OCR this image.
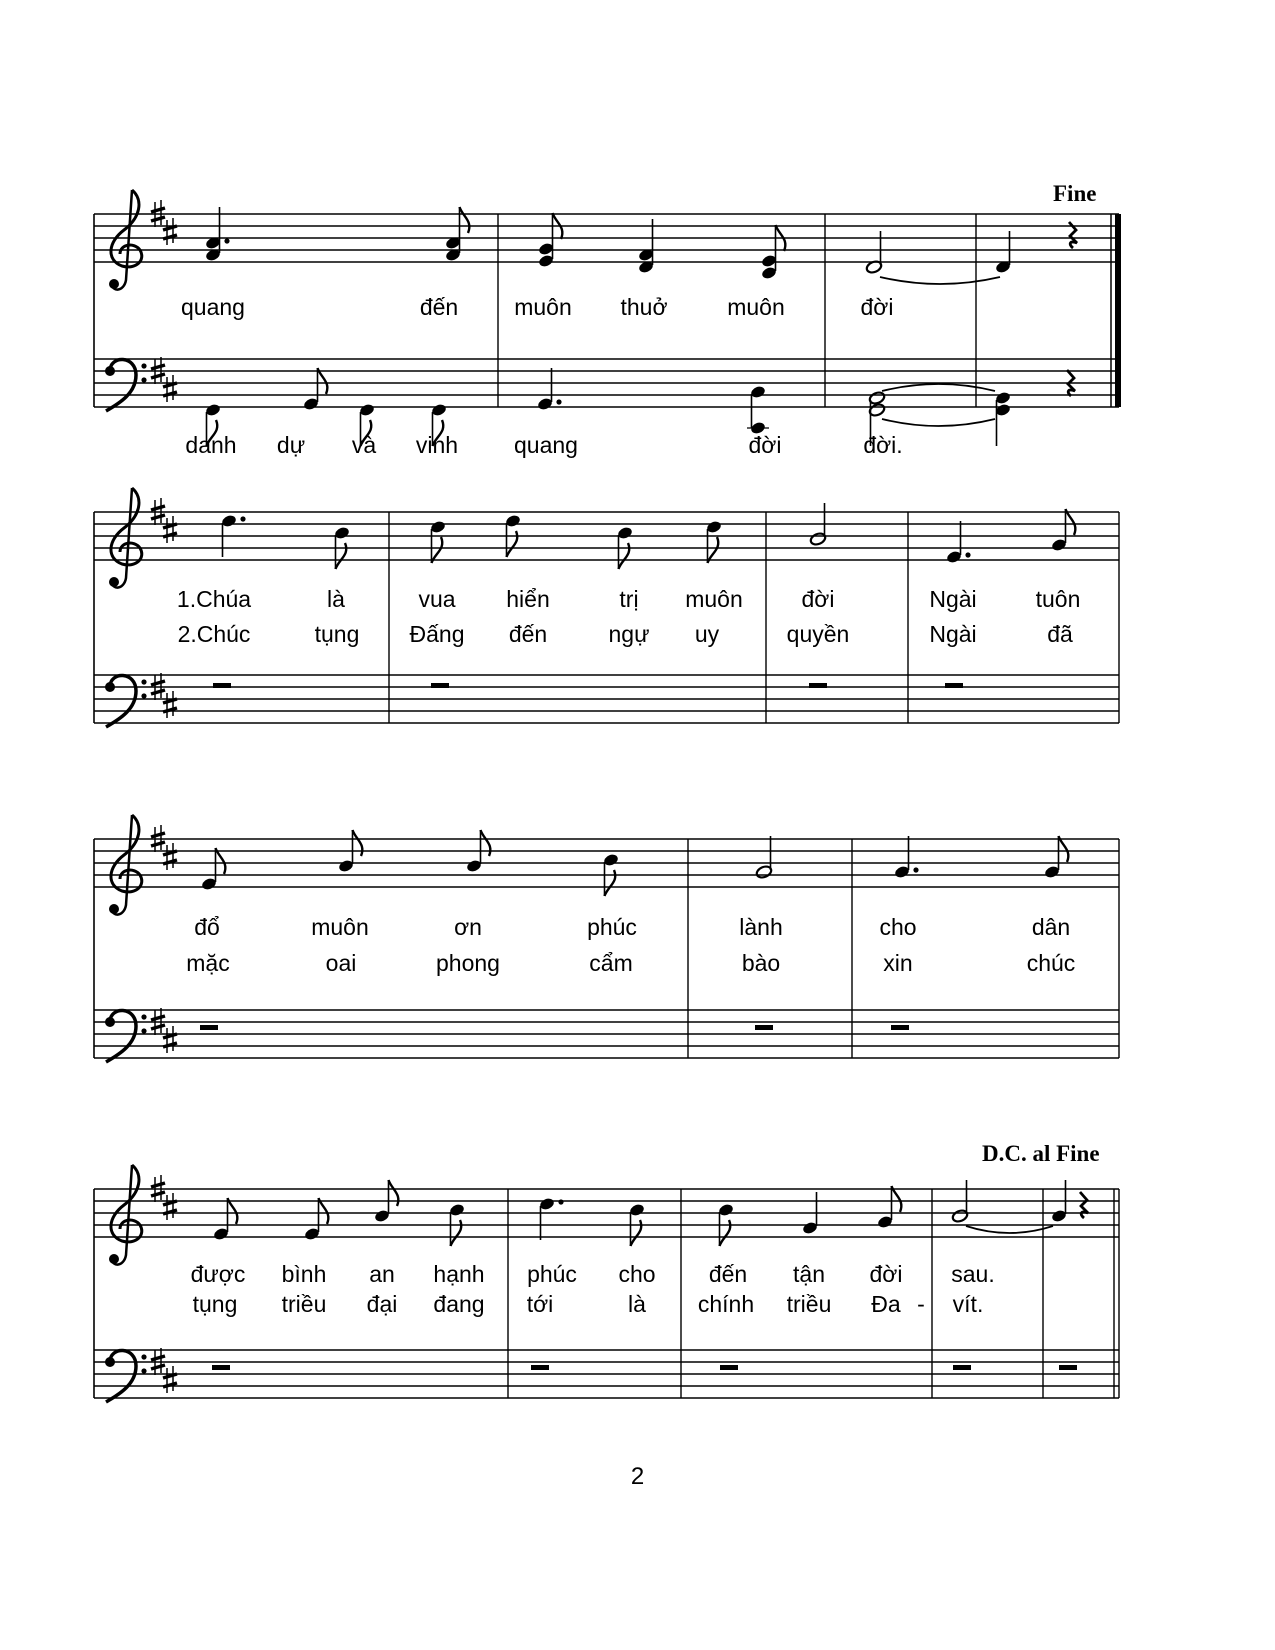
quang	đến muôn thuở	muôn	đời
danh dự và vinh quang	đời	đời.
1.Chúa	là	vua hiển	trị muôn	đời	Ngài	tuôn
2.Chúc	tụng Đấng đến	ngự uy	quyền	Ngài	đã
đổ	muôn	ơn	phúc	lành	cho	dân
mặc	oai	phong	cẩm	bào	xin	chúc
được bình an hạnh phúc cho đến tận đời sau.
tụng triều đại đang tới	là chính triều Đa - vít.
Fine
D.C. al Fine
2
